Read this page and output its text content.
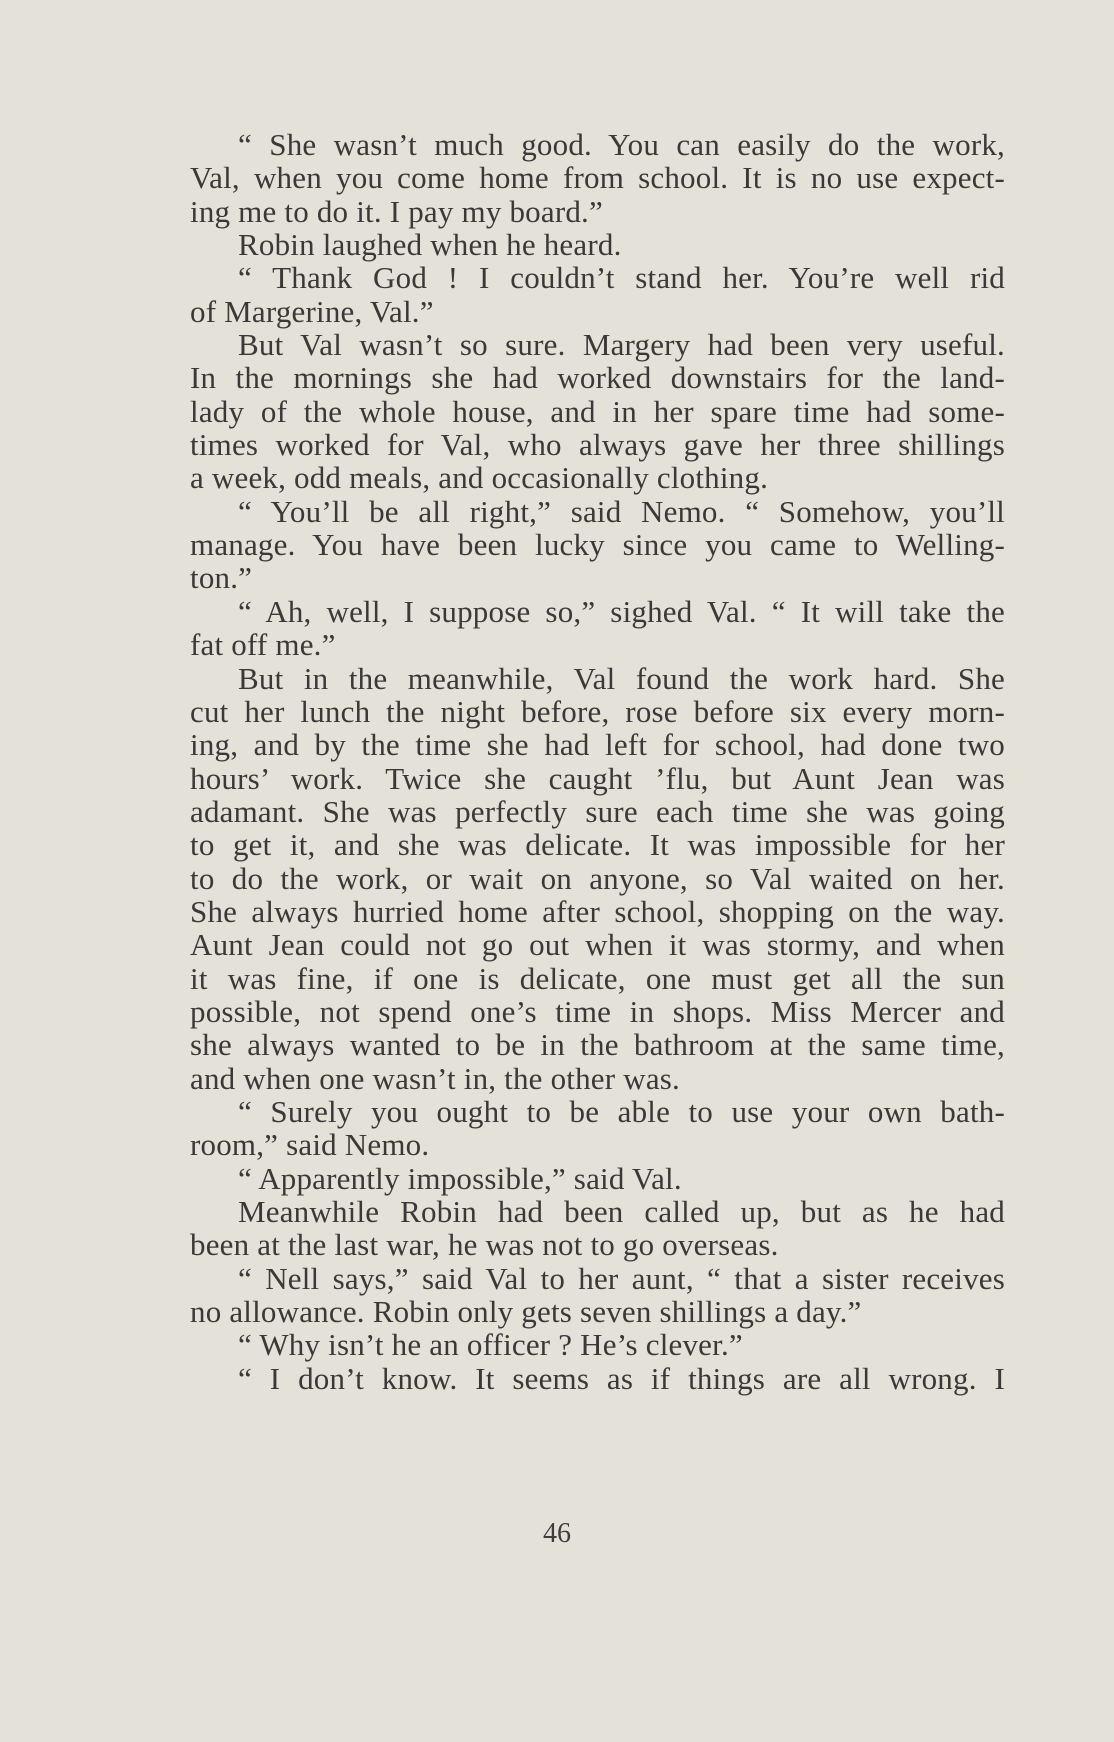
“ She wasn’t much good. You can easily do the work,
Val, when you come home from school. It is no use expect-
ing me to do it. I pay my board.”
Robin laughed when he heard.
“ Thank God ! I couldn’t stand her. You’re well rid
of Margerine, Val.”
But Val wasn’t so sure. Margery had been very useful.
In the mornings she had worked downstairs for the land-
lady of the whole house, and in her spare time had some-
times worked for Val, who always gave her three shillings
a week, odd meals, and occasionally clothing.
“ You’ll be all right,” said Nemo. “ Somehow, you’ll
manage. You have been lucky since you came to Welling-
ton.”
“ Ah, well, I suppose so,” sighed Val. “ It will take the
fat off me.”
But in the meanwhile, Val found the work hard. She
cut her lunch the night before, rose before six every morn-
ing, and by the time she had left for school, had done two
hours’ work. Twice she caught ’flu, but Aunt Jean was
adamant. She was perfectly sure each time she was going
to get it, and she was delicate. It was impossible for her
to do the work, or wait on anyone, so Val waited on her.
She always hurried home after school, shopping on the way.
Aunt Jean could not go out when it was stormy, and when
it was fine, if one is delicate, one must get all the sun
possible, not spend one’s time in shops. Miss Mercer and
she always wanted to be in the bathroom at the same time,
and when one wasn’t in, the other was.
“ Surely you ought to be able to use your own bath-
room,” said Nemo.
“ Apparently impossible,” said Val.
Meanwhile Robin had been called up, but as he had
been at the last war, he was not to go overseas.
“ Nell says,” said Val to her aunt, “ that a sister receives
no allowance. Robin only gets seven shillings a day.”
“ Why isn’t he an officer ? He’s clever.”
“ I don’t know. It seems as if things are all wrong. I
46
